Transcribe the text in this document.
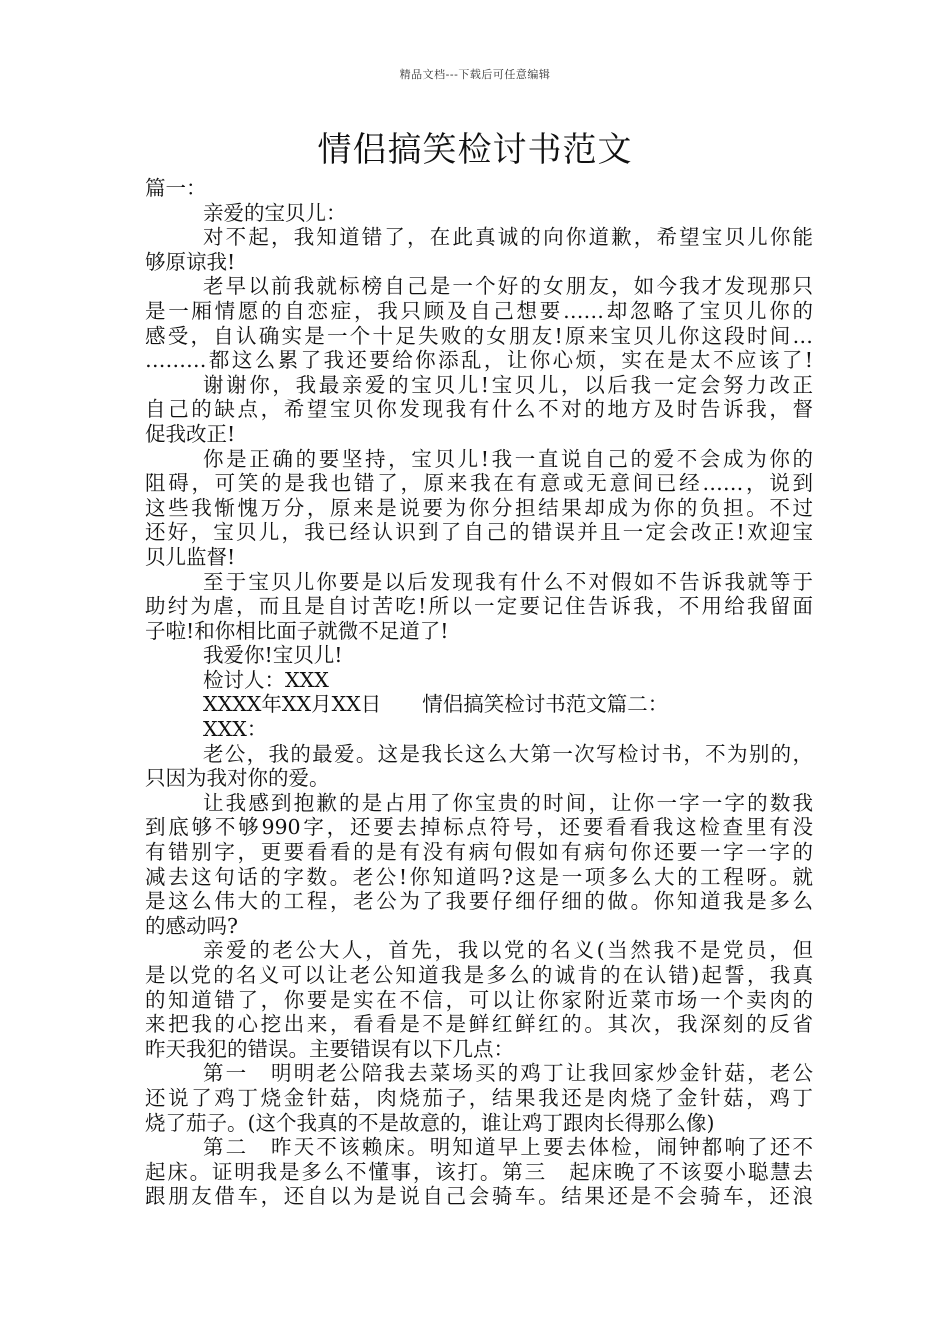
精品文档---下载后可任意编辑
情侣搞笑检讨书范文
篇一：
亲爱的宝贝儿：
对不起，我知道错了，在此真诚的向你道歉，希望宝贝儿你能
够原谅我!
老早以前我就标榜自己是一个好的女朋友，如今我才发现那只
是一厢情愿的自恋症，我只顾及自己想要……却忽略了宝贝儿你的
感受，自认确实是一个十足失败的女朋友!原来宝贝儿你这段时间…
………都这么累了我还要给你添乱，让你心烦，实在是太不应该了!
谢谢你，我最亲爱的宝贝儿!宝贝儿，以后我一定会努力改正
自己的缺点，希望宝贝你发现我有什么不对的地方及时告诉我，督
促我改正!
你是正确的要坚持，宝贝儿!我一直说自己的爱不会成为你的
阻碍，可笑的是我也错了，原来我在有意或无意间已经……，说到
这些我惭愧万分，原来是说要为你分担结果却成为你的负担。不过
还好，宝贝儿，我已经认识到了自己的错误并且一定会改正!欢迎宝
贝儿监督!
至于宝贝儿你要是以后发现我有什么不对假如不告诉我就等于
助纣为虐，而且是自讨苦吃!所以一定要记住告诉我，不用给我留面
子啦!和你相比面子就微不足道了!
我爱你!宝贝儿!
检讨人：XXX
XXXX年XX月XX日　　情侣搞笑检讨书范文篇二：
XXX：
老公，我的最爱。这是我长这么大第一次写检讨书，不为别的，
只因为我对你的爱。
让我感到抱歉的是占用了你宝贵的时间，让你一字一字的数我
到底够不够990字，还要去掉标点符号，还要看看我这检查里有没
有错别字，更要看看的是有没有病句假如有病句你还要一字一字的
减去这句话的字数。老公!你知道吗?这是一项多么大的工程呀。就
是这么伟大的工程，老公为了我要仔细仔细的做。你知道我是多么
的感动吗?
亲爱的老公大人，首先，我以党的名义(当然我不是党员，但
是以党的名义可以让老公知道我是多么的诚肯的在认错)起誓，我真
的知道错了，你要是实在不信，可以让你家附近菜市场一个卖肉的
来把我的心挖出来，看看是不是鲜红鲜红的。其次，我深刻的反省
昨天我犯的错误。主要错误有以下几点：
第一　明明老公陪我去菜场买的鸡丁让我回家炒金针菇，老公
还说了鸡丁烧金针菇，肉烧茄子，结果我还是肉烧了金针菇，鸡丁
烧了茄子。(这个我真的不是故意的，谁让鸡丁跟肉长得那么像)
第二　昨天不该赖床。明知道早上要去体检，闹钟都响了还不
起床。证明我是多么不懂事，该打。第三　起床晚了不该耍小聪慧去
跟朋友借车，还自以为是说自己会骑车。结果还是不会骑车，还浪
